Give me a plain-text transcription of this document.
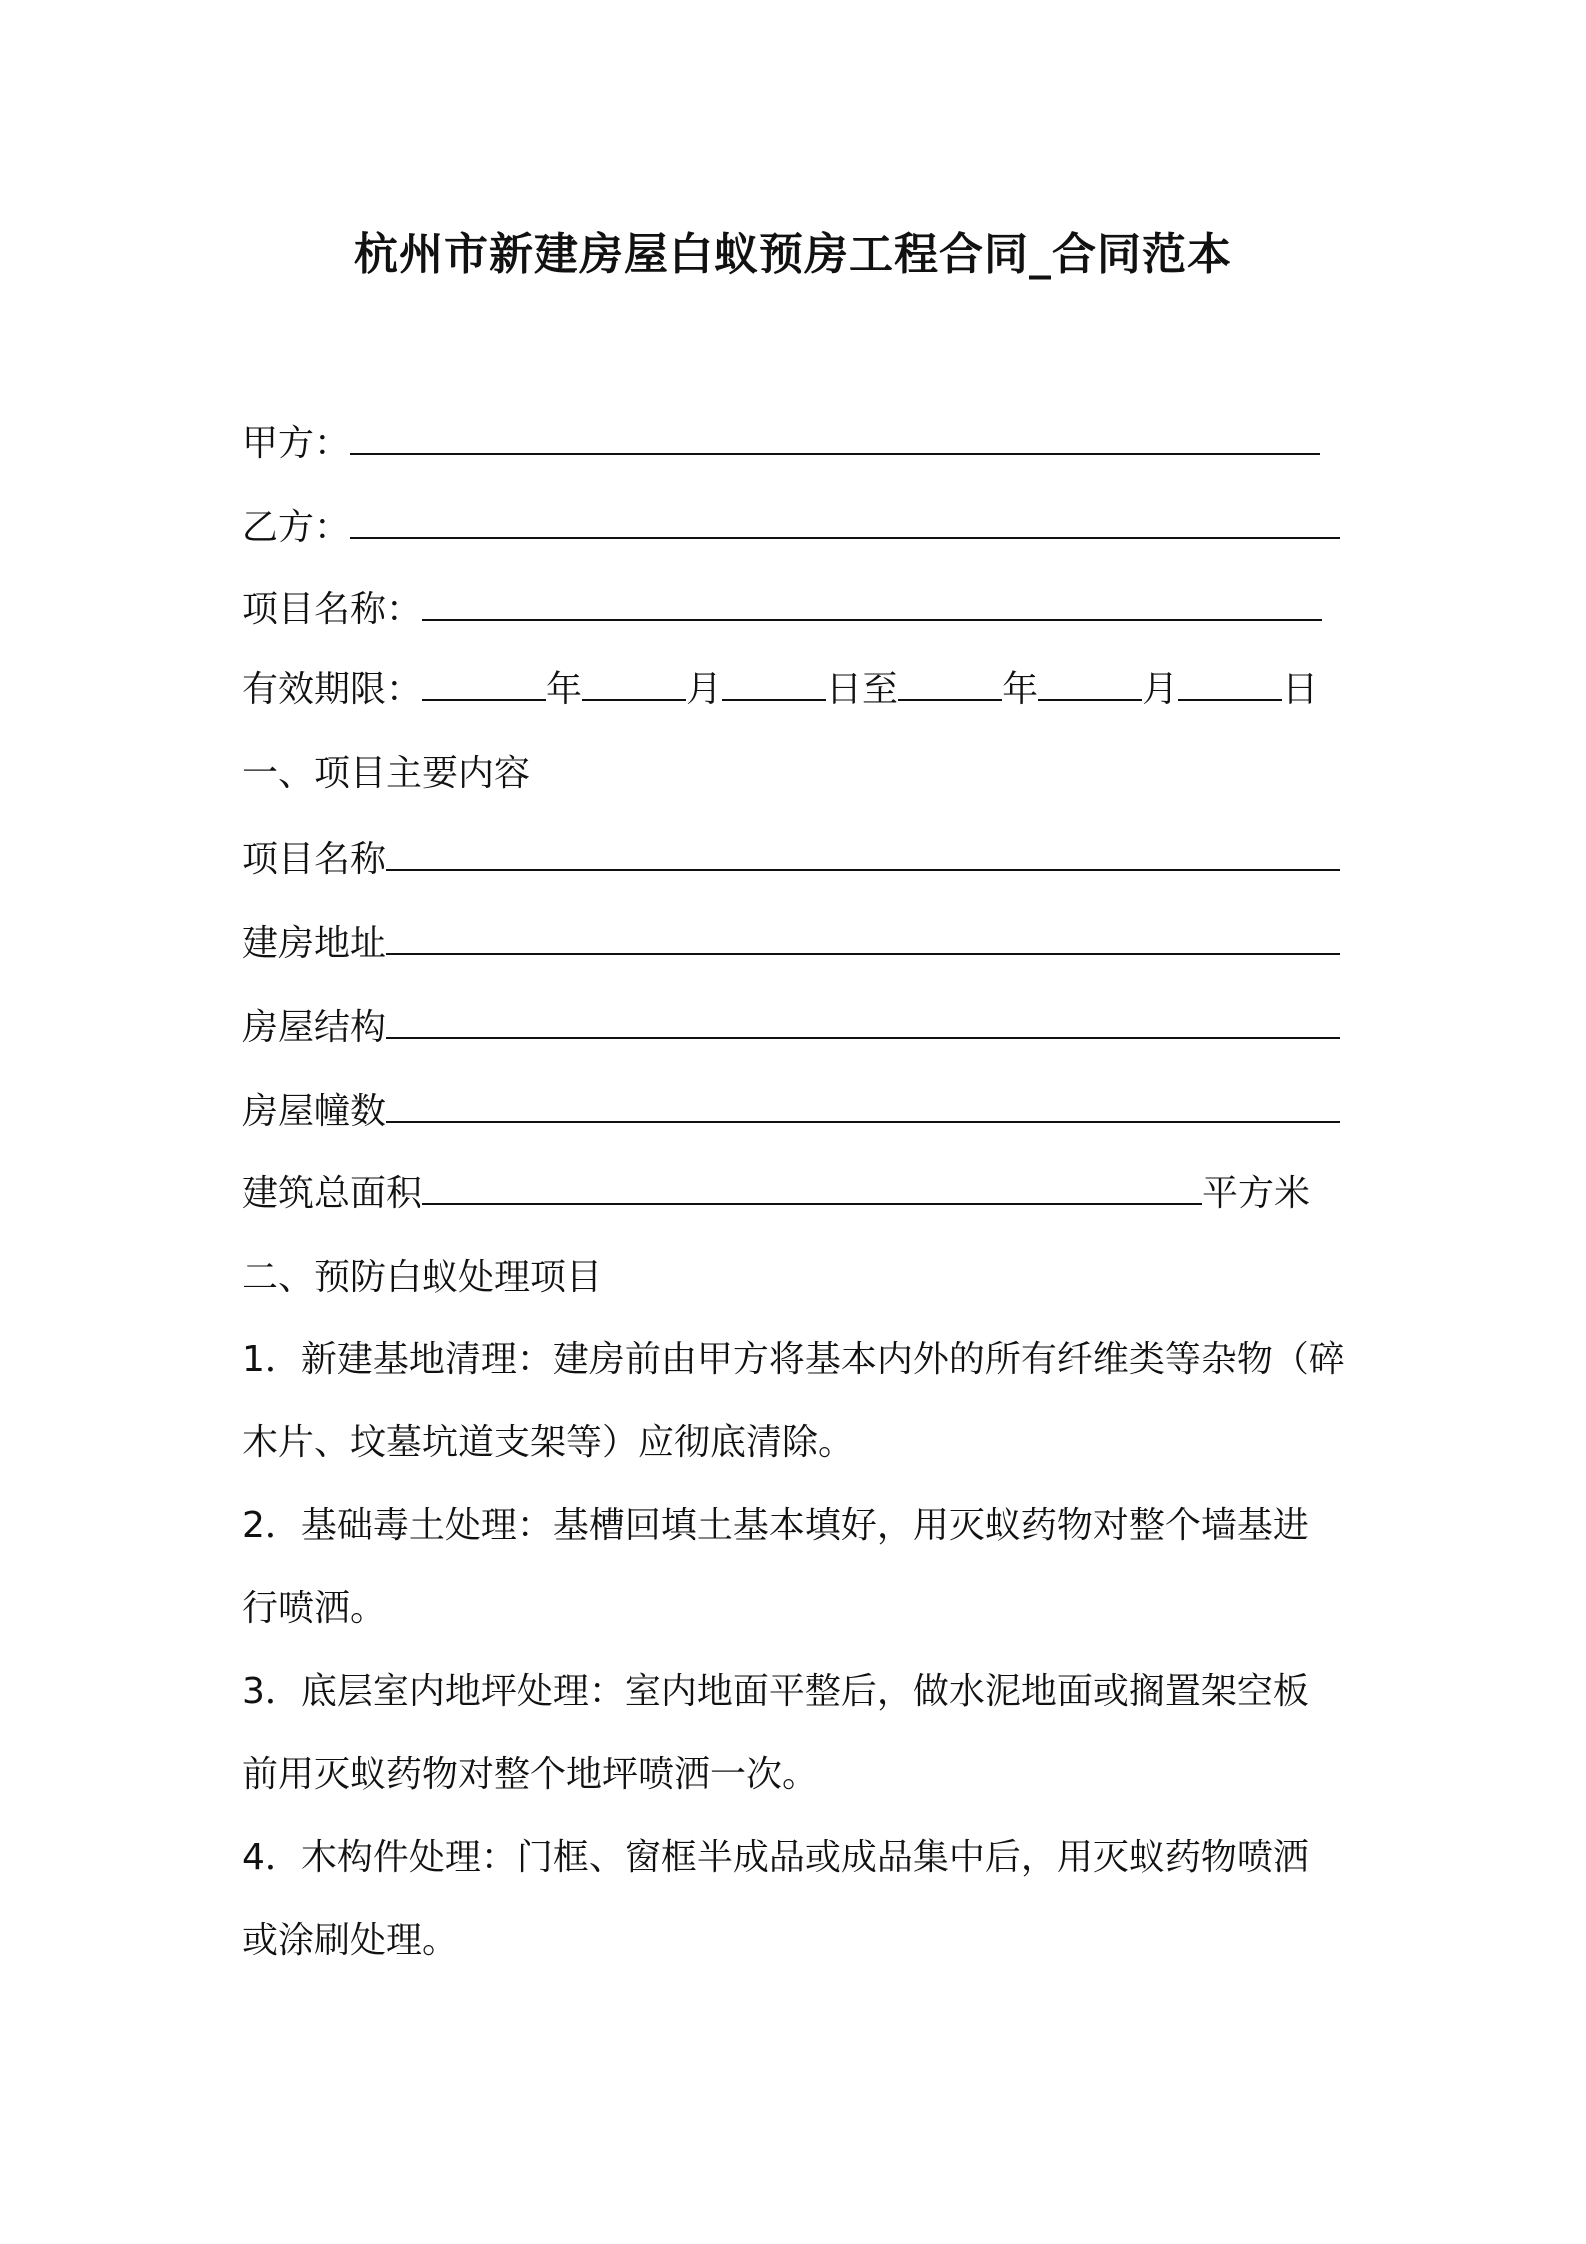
杭州市新建房屋白蚁预房工程合同_合同范本
甲方：
乙方：
项目名称：
有效期限：	年	月	日至	年	月	日
一、项目主要内容
项目名称
建房地址
房屋结构
房屋幢数
建筑总面积	平方米
二、预防白蚁处理项目
1．新建基地清理：建房前由甲方将基本内外的所有纤维类等杂物（碎
木片、坟墓坑道支架等）应彻底清除。
2．基础毒土处理：基槽回填土基本填好，用灭蚁药物对整个墙基进
行喷洒。
3．底层室内地坪处理：室内地面平整后，做水泥地面或搁置架空板
前用灭蚁药物对整个地坪喷洒一次。
4．木构件处理：门框、窗框半成品或成品集中后，用灭蚁药物喷洒
或涂刷处理。
